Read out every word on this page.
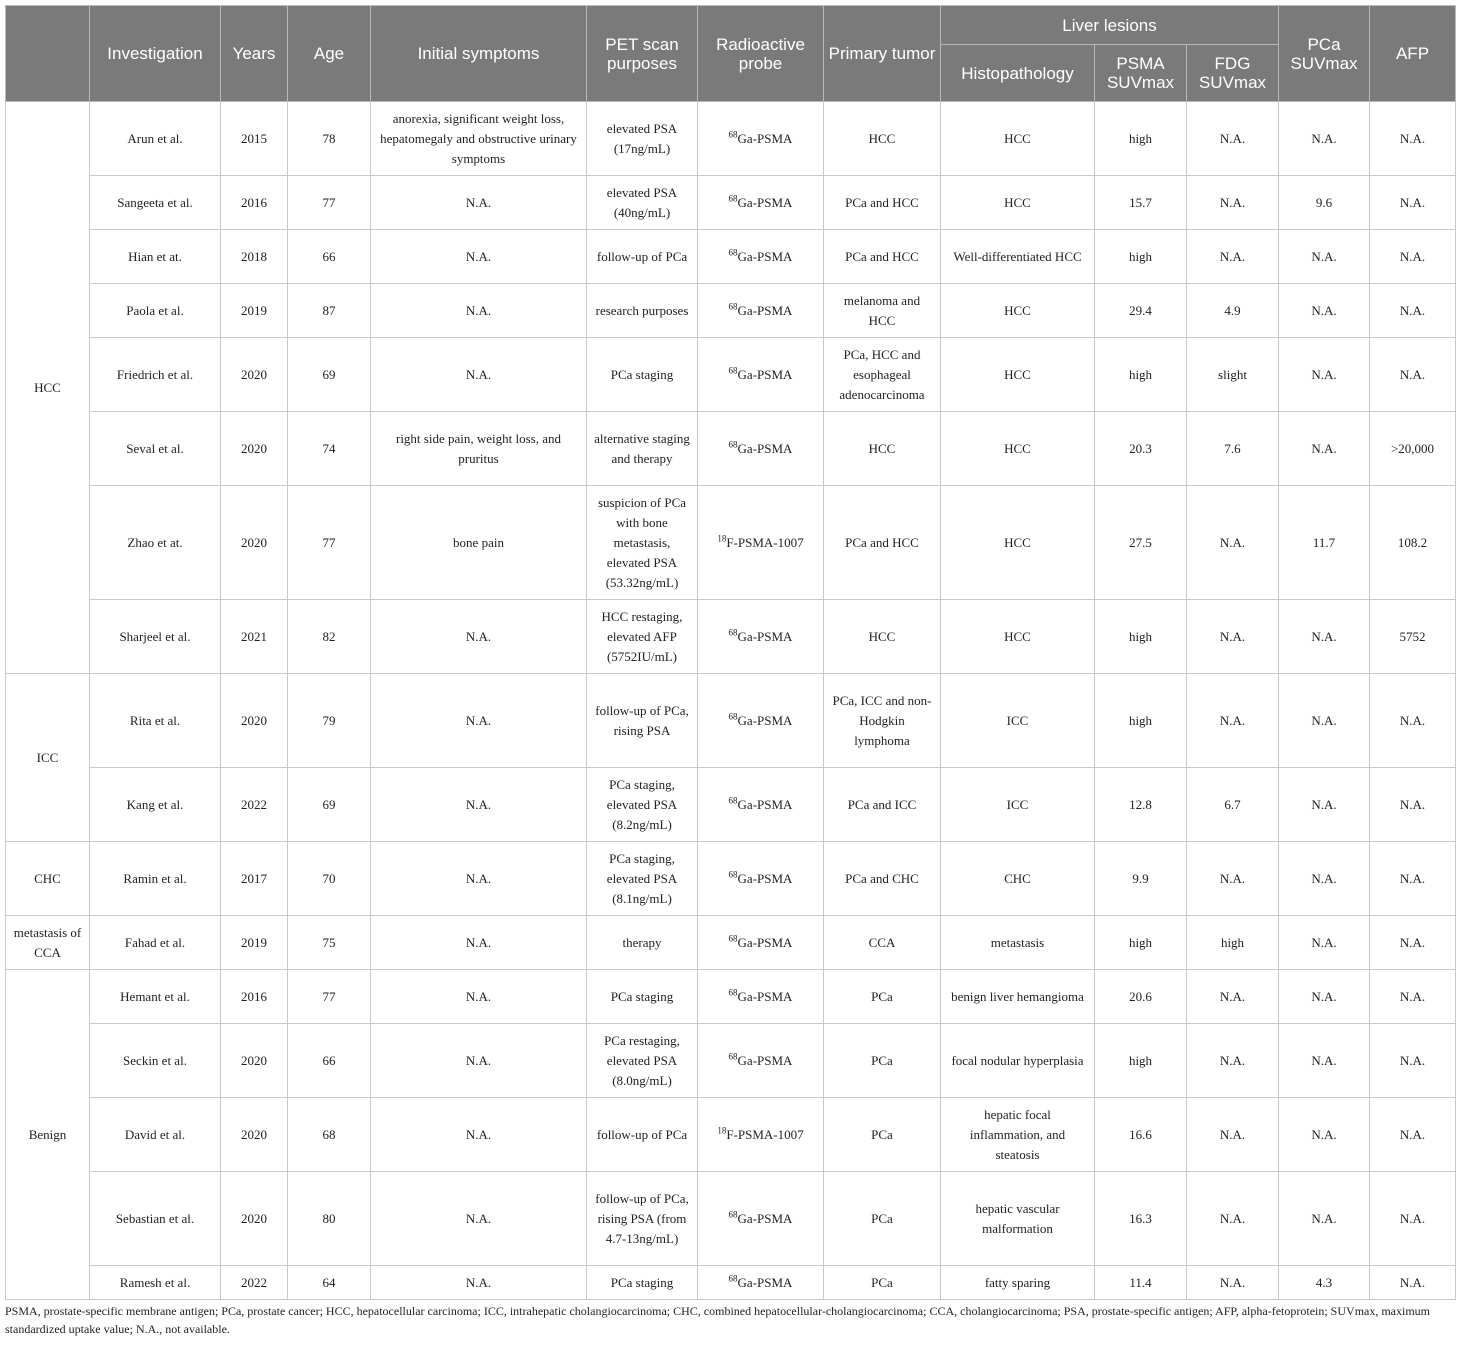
	Investigation	Years	Age	Initial symptoms	PET scan purposes	Radioactive probe	Primary tumor	Liver lesions			PCa SUVmax	AFP
								Histopathology	PSMA SUVmax	FDG SUVmax		
HCC	Arun et al.	2015	78	anorexia, significant weight loss, hepatomegaly and obstructive urinary symptoms	elevated PSA (17ng/mL)	$^{68}$Ga-PSMA	HCC	HCC	high	N.A.	N.A.	N.A.
	Sangeeta et al.	2016	77	N.A.	elevated PSA (40ng/mL)	$^{68}$Ga-PSMA	PCa and HCC	HCC	15.7	N.A.	9.6	N.A.
	Hian et at.	2018	66	N.A.	follow-up of PCa	$^{68}$Ga-PSMA	PCa and HCC	Well-differentiated HCC	high	N.A.	N.A.	N.A.
	Paola et al.	2019	87	N.A.	research purposes	$^{68}$Ga-PSMA	melanoma and HCC	HCC	29.4	4.9	N.A.	N.A.
	Friedrich et al.	2020	69	N.A.	PCa staging	$^{68}$Ga-PSMA	PCa, HCC and esophageal adenocarcinoma	HCC	high	slight	N.A.	N.A.
	Seval et al.	2020	74	right side pain, weight loss, and pruritus	alternative staging and therapy	$^{68}$Ga-PSMA	HCC	HCC	20.3	7.6	N.A.	>20,000
	Zhao et at.	2020	77	bone pain	suspicion of PCa with bone metastasis, elevated PSA (53.32ng/mL)	$^{18}$F-PSMA-1007	PCa and HCC	HCC	27.5	N.A.	11.7	108.2
	Sharjeel et al.	2021	82	N.A.	HCC restaging, elevated AFP (5752IU/mL)	$^{68}$Ga-PSMA	HCC	HCC	high	N.A.	N.A.	5752
ICC	Rita et al.	2020	79	N.A.	follow-up of PCa, rising PSA	$^{68}$Ga-PSMA	PCa, ICC and non-Hodgkin lymphoma	ICC	high	N.A.	N.A.	N.A.
	Kang et al.	2022	69	N.A.	PCa staging, elevated PSA (8.2ng/mL)	$^{68}$Ga-PSMA	PCa and ICC	ICC	12.8	6.7	N.A.	N.A.
CHC	Ramin et al.	2017	70	N.A.	PCa staging, elevated PSA (8.1ng/mL)	$^{68}$Ga-PSMA	PCa and CHC	CHC	9.9	N.A.	N.A.	N.A.
metastasis of CCA	Fahad et al.	2019	75	N.A.	therapy	$^{68}$Ga-PSMA	CCA	metastasis	high	high	N.A.	N.A.
Benign	Hemant et al.	2016	77	N.A.	PCa staging	$^{68}$Ga-PSMA	PCa	benign liver hemangioma	20.6	N.A.	N.A.	N.A.
	Seckin et al.	2020	66	N.A.	PCa restaging, elevated PSA (8.0ng/mL)	$^{68}$Ga-PSMA	PCa	focal nodular hyperplasia	high	N.A.	N.A.	N.A.
	David et al.	2020	68	N.A.	follow-up of PCa	$^{18}$F-PSMA-1007	PCa	hepatic focal inflammation, and steatosis	16.6	N.A.	N.A.	N.A.
	Sebastian et al.	2020	80	N.A.	follow-up of PCa, rising PSA (from 4.7-13ng/mL)	$^{68}$Ga-PSMA	PCa	hepatic vascular malformation	16.3	N.A.	N.A.	N.A.
	Ramesh et al.	2022	64	N.A.	PCa staging	$^{68}$Ga-PSMA	PCa	fatty sparing	11.4	N.A.	4.3	N.A.
PSMA, prostate-specific membrane antigen; PCa, prostate cancer; HCC, hepatocellular carcinoma; ICC, intrahepatic cholangiocarcinoma; CHC, combined hepatocellular-cholangiocarcinoma; CCA, cholangiocarcinoma; PSA, prostate-specific antigen; AFP, alpha-fetoprotein; SUVmax, maximum standardized uptake value; N.A., not available.
